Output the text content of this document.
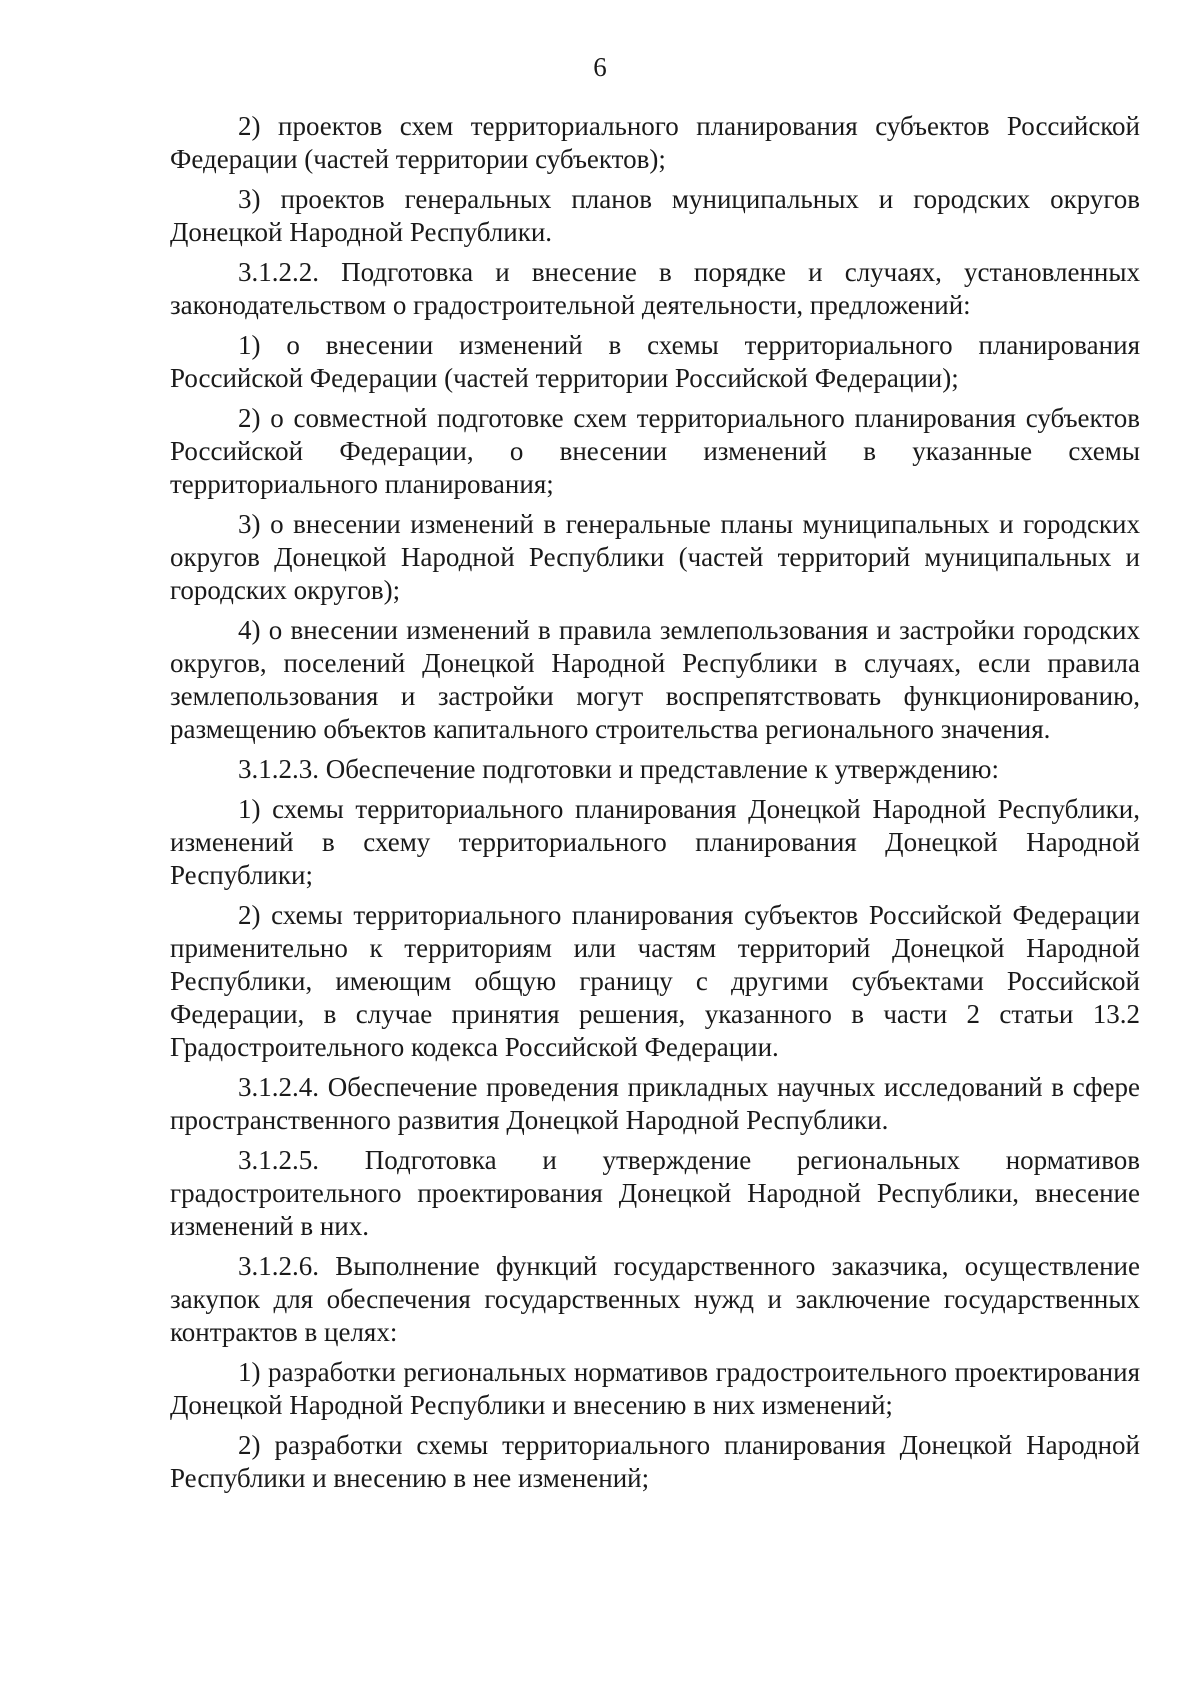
6

2) проектов схем территориального планирования субъектов Российской Федерации (частей территории субъектов);

3) проектов генеральных планов муниципальных и городских округов Донецкой Народной Республики.

3.1.2.2. Подготовка и внесение в порядке и случаях, установленных законодательством о градостроительной деятельности, предложений:

1) о внесении изменений в схемы территориального планирования Российской Федерации (частей территории Российской Федерации);

2) о совместной подготовке схем территориального планирования субъектов Российской Федерации, о внесении изменений в указанные схемы территориального планирования;

3) о внесении изменений в генеральные планы муниципальных и городских округов Донецкой Народной Республики (частей территорий муниципальных и городских округов);

4) о внесении изменений в правила землепользования и застройки городских округов, поселений Донецкой Народной Республики в случаях, если правила землепользования и застройки могут воспрепятствовать функционированию, размещению объектов капитального строительства регионального значения.

3.1.2.3. Обеспечение подготовки и представление к утверждению:

1) схемы территориального планирования Донецкой Народной Республики, изменений в схему территориального планирования Донецкой Народной Республики;

2) схемы территориального планирования субъектов Российской Федерации применительно к территориям или частям территорий Донецкой Народной Республики, имеющим общую границу с другими субъектами Российской Федерации, в случае принятия решения, указанного в части 2 статьи 13.2 Градостроительного кодекса Российской Федерации.

3.1.2.4. Обеспечение проведения прикладных научных исследований в сфере пространственного развития Донецкой Народной Республики.

3.1.2.5. Подготовка и утверждение региональных нормативов градостроительного проектирования Донецкой Народной Республики, внесение изменений в них.

3.1.2.6. Выполнение функций государственного заказчика, осуществление закупок для обеспечения государственных нужд и заключение государственных контрактов в целях:

1) разработки региональных нормативов градостроительного проектирования Донецкой Народной Республики и внесению в них изменений;

2) разработки схемы территориального планирования Донецкой Народной Республики и внесению в нее изменений;
